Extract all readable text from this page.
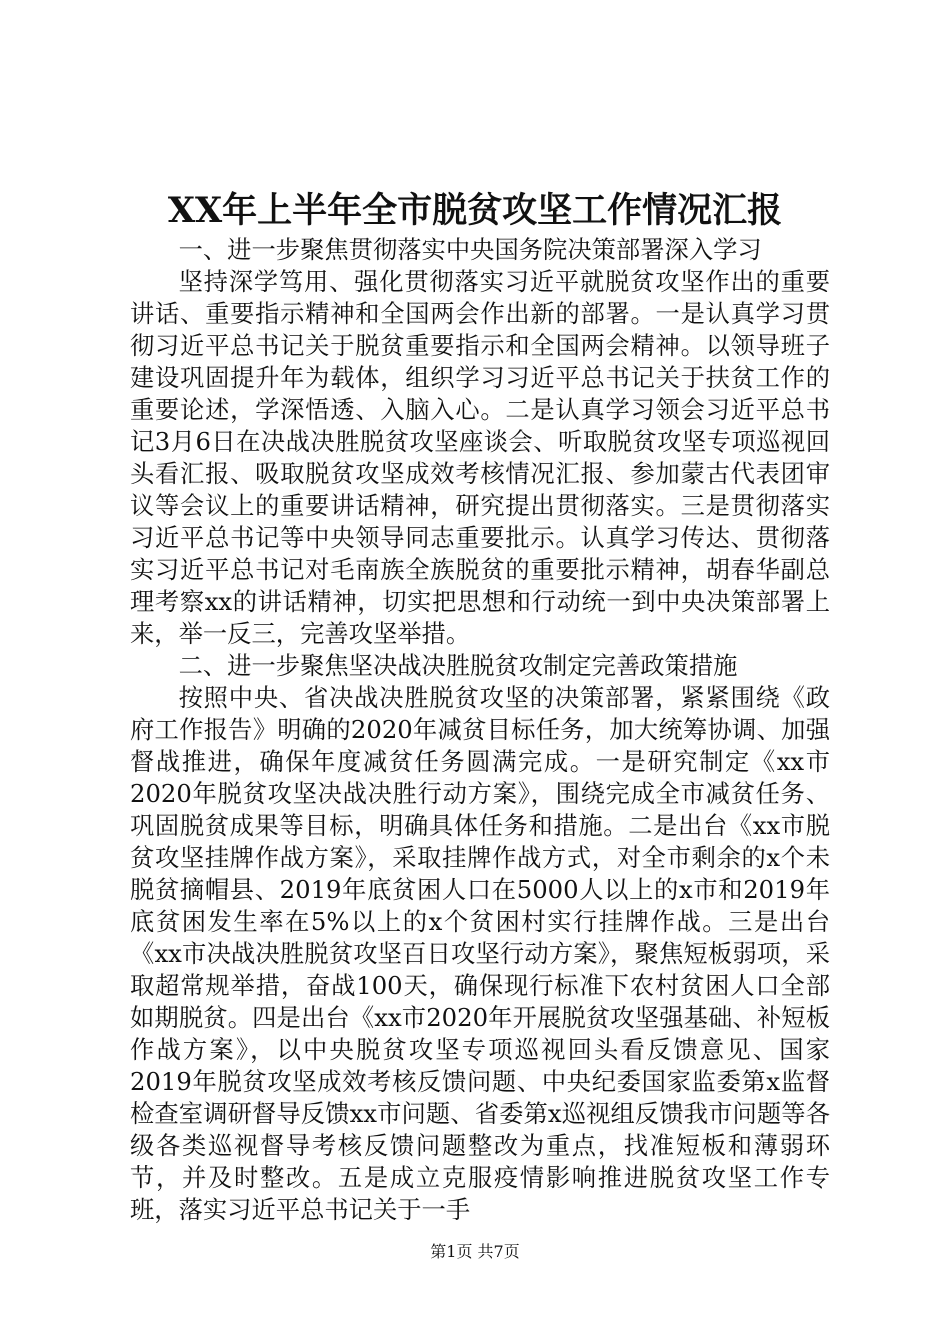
XX年上半年全市脱贫攻坚工作情况汇报

一、进一步聚焦贯彻落实中央国务院决策部署深入学习

坚持深学笃用、强化贯彻落实习近平就脱贫攻坚作出的重要讲话、重要指示精神和全国两会作出新的部署。一是认真学习贯彻习近平总书记关于脱贫重要指示和全国两会精神。以领导班子建设巩固提升年为载体，组织学习习近平总书记关于扶贫工作的重要论述，学深悟透、入脑入心。二是认真学习领会习近平总书记3月6日在决战决胜脱贫攻坚座谈会、听取脱贫攻坚专项巡视回头看汇报、吸取脱贫攻坚成效考核情况汇报、参加蒙古代表团审议等会议上的重要讲话精神，研究提出贯彻落实。三是贯彻落实习近平总书记等中央领导同志重要批示。认真学习传达、贯彻落实习近平总书记对毛南族全族脱贫的重要批示精神，胡春华副总理考察xx的讲话精神，切实把思想和行动统一到中央决策部署上来，举一反三，完善攻坚举措。

二、进一步聚焦坚决战决胜脱贫攻制定完善政策措施

按照中央、省决战决胜脱贫攻坚的决策部署，紧紧围绕《政府工作报告》明确的2020年减贫目标任务，加大统筹协调、加强督战推进，确保年度减贫任务圆满完成。一是研究制定《xx市2020年脱贫攻坚决战决胜行动方案》，围绕完成全市减贫任务、巩固脱贫成果等目标，明确具体任务和措施。二是出台《xx市脱贫攻坚挂牌作战方案》，采取挂牌作战方式，对全市剩余的x个未脱贫摘帽县、2019年底贫困人口在5000人以上的x市和2019年底贫困发生率在5%以上的x个贫困村实行挂牌作战。三是出台《xx市决战决胜脱贫攻坚百日攻坚行动方案》，聚焦短板弱项，采取超常规举措，奋战100天，确保现行标准下农村贫困人口全部如期脱贫。四是出台《xx市2020年开展脱贫攻坚强基础、补短板作战方案》，以中央脱贫攻坚专项巡视回头看反馈意见、国家2019年脱贫攻坚成效考核反馈问题、中央纪委国家监委第x监督检查室调研督导反馈xx市问题、省委第x巡视组反馈我市问题等各级各类巡视督导考核反馈问题整改为重点，找准短板和薄弱环节，并及时整改。五是成立克服疫情影响推进脱贫攻坚工作专班，落实习近平总书记关于一手

第1页 共7页
